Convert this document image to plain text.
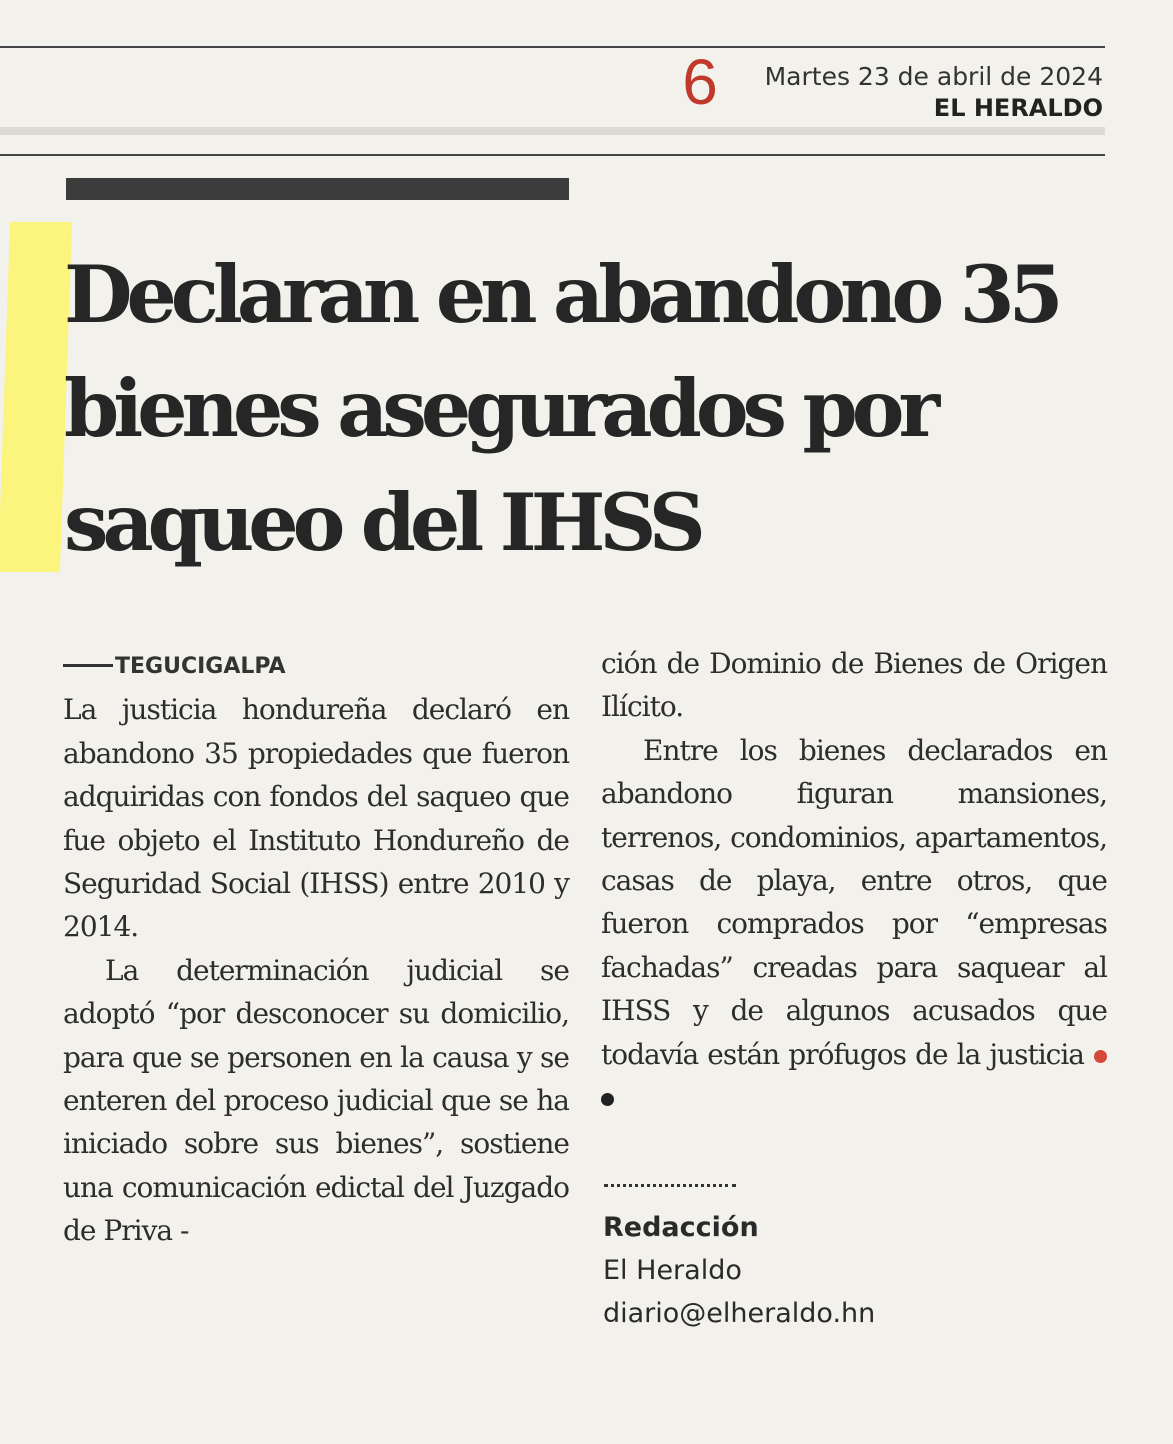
6 Martes 23 de abril de 2024
EL HERALDO
Declaran en abandono 35 bienes asegurados por saqueo del IHSS

TEGUCIGALPA
La justicia hondureña declaró en abandono 35 propiedades que fueron adquiridas con fondos del saqueo que fue objeto el Instituto Hondureño de Seguridad Social (IHSS) entre 2010 y 2014.

La determinación judicial se adoptó “por desconocer su domicilio, para que se personen en la causa y se enteren del proceso judicial que se ha iniciado sobre sus bienes”, sostiene una comunicación edictal del Juzgado de Priva -

ción de Dominio de Bienes de Origen Ilícito.

Entre los bienes declarados en abandono figuran mansiones, terrenos, condominios, apartamentos, casas de playa, entre otros, que fueron comprados por “empresas fachadas” creadas para saquear al IHSS y de algunos acusados que todavía están prófugos de la justicia

Redacción
El Heraldo
diario@elheraldo.hn
